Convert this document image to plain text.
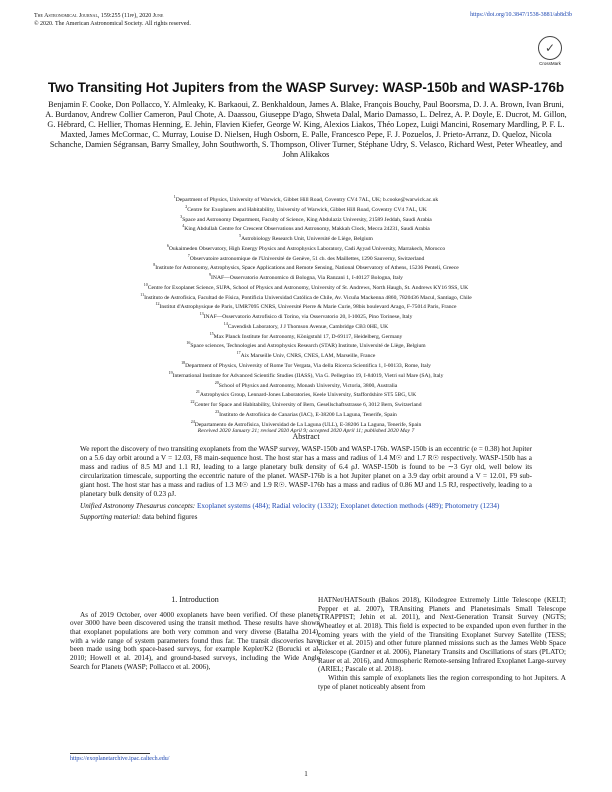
The Astronomical Journal, 159:255 (11pp), 2020 June
© 2020. The American Astronomical Society. All rights reserved.
https://doi.org/10.3847/1538-3881/ab8d3b
✓
CrossMark
Two Transiting Hot Jupiters from the WASP Survey: WASP-150b and WASP-176b
Benjamin F. Cooke, Don Pollacco, Y. Almleaky, K. Barkaoui, Z. Benkhaldoun, James A. Blake, François Bouchy, Paul Boorsma, D. J. A. Brown, Ivan Bruni, A. Burdanov, Andrew Collier Cameron, Paul Chote, A. Daassou, Giuseppe D'ago, Shweta Dalal, Mario Damasso, L. Delrez, A. P. Doyle, E. Ducrot, M. Gillon, G. Hébrard, C. Hellier, Thomas Henning, E. Jehin, Flavien Kiefer, George W. King, Alexios Liakos, Théo Lopez, Luigi Mancini, Rosemary Mardling, P. F. L. Maxted, James McCormac, C. Murray, Louise D. Nielsen, Hugh Osborn, E. Palle, Francesco Pepe, F. J. Pozuelos, J. Prieto-Arranz, D. Queloz, Nicola Schanche, Damien Ségransan, Barry Smalley, John Southworth, S. Thompson, Oliver Turner, Stéphane Udry, S. Velasco, Richard West, Peter Wheatley, and John Alikakos
$^1$Department of Physics, University of Warwick, Gibbet Hill Road, Coventry CV4 7AL, UK; b.cooke@warwick.ac.uk
$^2$Centre for Exoplanets and Habitability, University of Warwick, Gibbet Hill Road, Coventry CV4 7AL, UK
$^3$Space and Astronomy Department, Faculty of Science, King Abdulaziz University, 21589 Jeddah, Saudi Arabia
$^4$King Abdullah Centre for Crescent Observations and Astronomy, Makkah Clock, Mecca 24231, Saudi Arabia
$^5$Astrobiology Research Unit, Université de Liège, Belgium
$^6$Oukaimeden Observatory, High Energy Physics and Astrophysics Laboratory, Cadi Ayyad University, Marrakech, Morocco
$^7$Observatoire astronomique de l'Université de Genève, 51 ch. des Maillettes, 1290 Sauverny, Switzerland
$^8$Institute for Astronomy, Astrophysics, Space Applications and Remote Sensing, National Observatory of Athens, 15236 Penteli, Greece
$^9$INAF—Osservatorio Astronomico di Bologna, Via Ranzani 1, I-40127 Bologna, Italy
$^{10}$Centre for Exoplanet Science, SUPA, School of Physics and Astronomy, University of St. Andrews, North Haugh, St. Andrews KY16 9SS, UK
$^{11}$Instituto de Astrofísica, Facultad de Física, Pontificia Universidad Católica de Chile, Av. Vicuña Mackenna 4860, 7820436 Macul, Santiago, Chile
$^{12}$Institut d'Astrophysique de Paris, UMR7095 CNRS, Université Pierre & Marie Curie, 98bis boulevard Arago, F-75014 Paris, France
$^{13}$INAF—Osservatorio Astrofisico di Torino, via Osservatorio 20, I-10025, Pino Torinese, Italy
$^{14}$Cavendish Laboratory, J J Thomson Avenue, Cambridge CB3 0HE, UK
$^{15}$Max Planck Institute for Astronomy, Königstuhl 17, D-69117, Heidelberg, Germany
$^{16}$Space sciences, Technologies and Astrophysics Research (STAR) Institute, Université de Liège, Belgium
$^{17}$Aix Marseille Univ, CNRS, CNES, LAM, Marseille, France
$^{18}$Department of Physics, University of Rome Tor Vergata, Via della Ricerca Scientifica 1, I-00133, Rome, Italy
$^{19}$International Institute for Advanced Scientific Studies (IIASS), Via G. Pellegrino 19, I-84019, Vietri sul Mare (SA), Italy
$^{20}$School of Physics and Astronomy, Monash University, Victoria, 3800, Australia
$^{21}$Astrophysics Group, Lennard-Jones Laboratories, Keele University, Staffordshire ST5 5BG, UK
$^{22}$Center for Space and Habitability, University of Bern, Gesellschaftsstrasse 6, 3012 Bern, Switzerland
$^{23}$Instituto de Astrofísica de Canarias (IAC), E-38200 La Laguna, Tenerife, Spain
$^{24}$Departamento de Astrofísica, Universidad de La Laguna (ULL), E-38206 La Laguna, Tenerife, Spain
Received 2020 January 21; revised 2020 April 9; accepted 2020 April 11; published 2020 May 7
Abstract

We report the discovery of two transiting exoplanets from the WASP survey, WASP-150b and WASP-176b. WASP-150b is an eccentric (e = 0.38) hot Jupiter on a 5.6 day orbit around a V = 12.03, F8 main-sequence host. The host star has a mass and radius of 1.4 M☉ and 1.7 R☉ respectively. WASP-150b has a mass and radius of 8.5 MJ and 1.1 RJ, leading to a large planetary bulk density of 6.4 ρJ. WASP-150b is found to be ∼3 Gyr old, well below its circularization timescale, supporting the eccentric nature of the planet. WASP-176b is a hot Jupiter planet on a 3.9 day orbit around a V = 12.01, F9 sub-giant host. The host star has a mass and radius of 1.3 M☉ and 1.9 R☉. WASP-176b has a mass and radius of 0.86 MJ and 1.5 RJ, respectively, leading to a planetary bulk density of 0.23 ρJ.

Unified Astronomy Thesaurus concepts: Exoplanet systems (484); Radial velocity (1332); Exoplanet detection methods (489); Photometry (1234)
Supporting material: data behind figures
1. Introduction

As of 2019 October, over 4000 exoplanets have been verified. Of these planets, over 3000 have been discovered using the transit method. These results have shown that exoplanet populations are both very common and very diverse (Batalha 2014), with a wide range of system parameters found thus far. The transit discoveries have been made using both space-based surveys, for example Kepler/K2 (Borucki et al. 2010; Howell et al. 2014), and ground-based surveys, including the Wide Angle Search for Planets (WASP; Pollacco et al. 2006),

HATNet/HATSouth (Bakos 2018), Kilodegree Extremely Little Telescope (KELT; Pepper et al. 2007), TRAnsiting Planets and Planetesimals Small Telescope (TRAPPIST; Jehin et al. 2011), and Next-Generation Transit Survey (NGTS; Wheatley et al. 2018). This field is expected to be expanded upon even further in the coming years with the yield of the Transiting Exoplanet Survey Satellite (TESS; Ricker et al. 2015) and other future planned missions such as the James Webb Space Telescope (Gardner et al. 2006), Planetary Transits and Oscillations of stars (PLATO; Rauer et al. 2016), and Atmospheric Remote-sensing Infrared Exoplanet Large-survey (ARIEL; Pascale et al. 2018).

Within this sample of exoplanets lies the region corresponding to hot Jupiters. A type of planet noticeably absent from

https://exoplanetarchive.ipac.caltech.edu/
1
